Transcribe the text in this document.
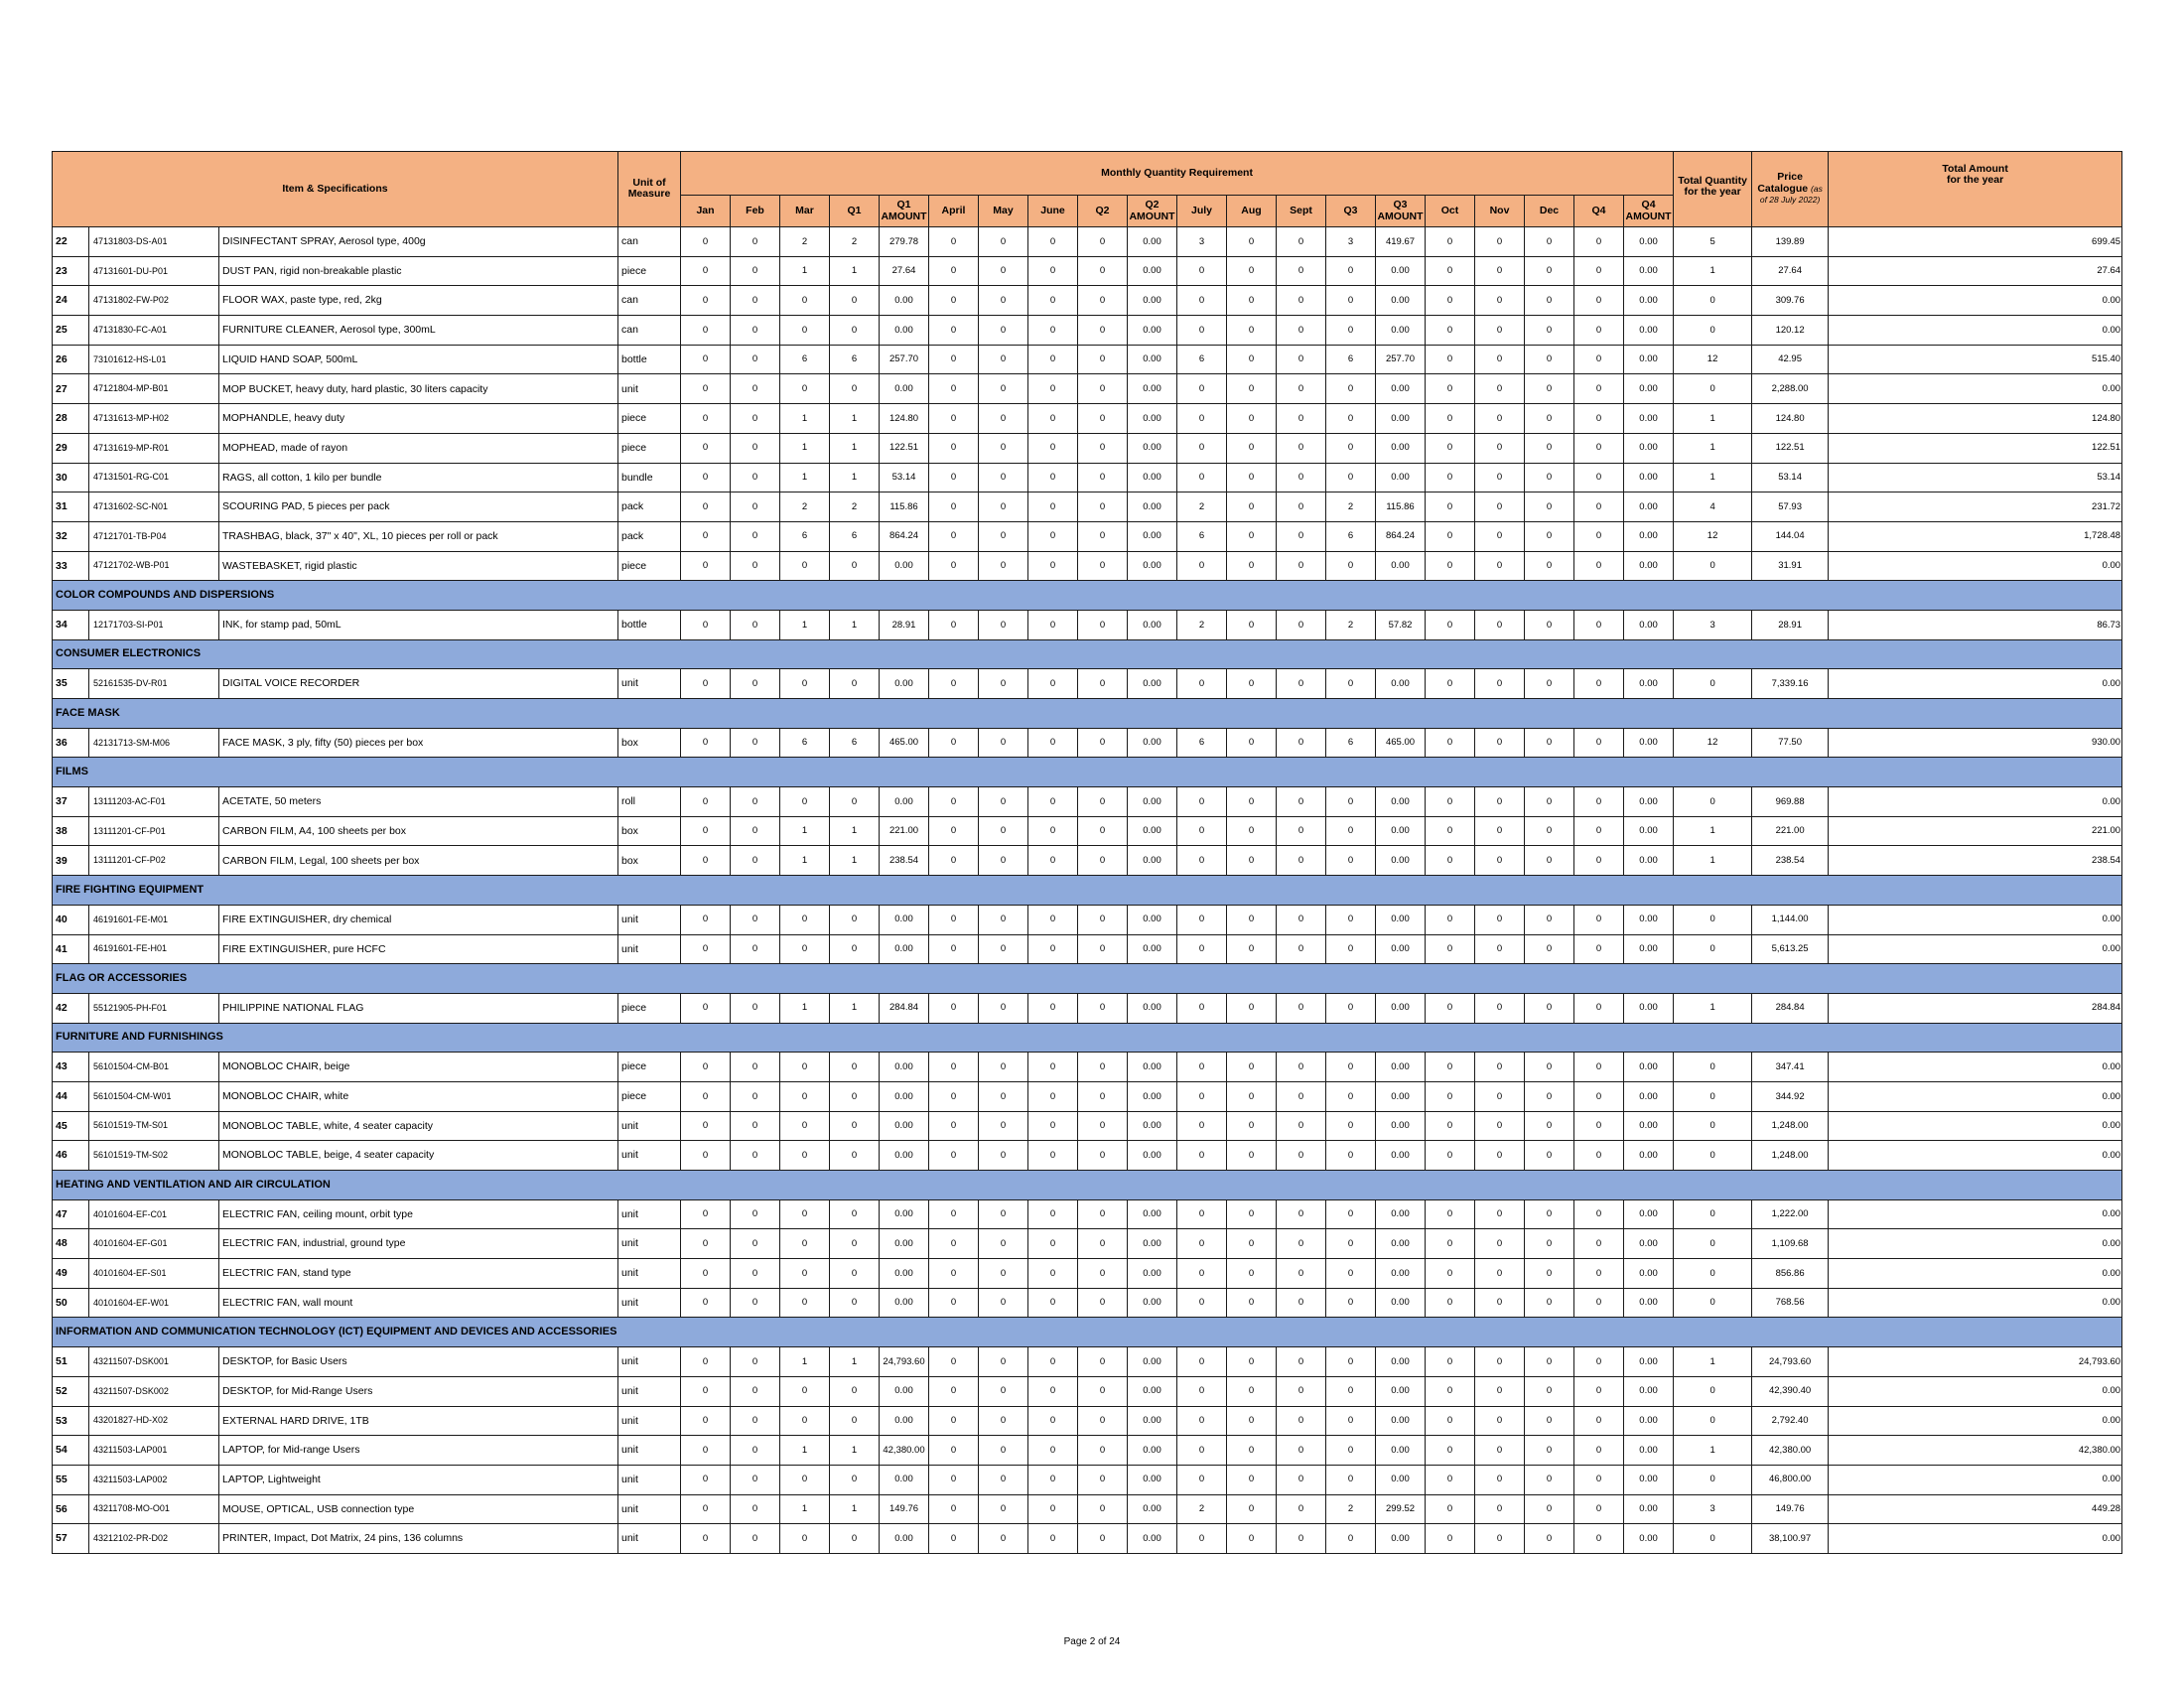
Item & Specifications			Unit of
Measure	Monthly Quantity Requirement																				Total Quantity
for the year	Price
Catalogue (as
of 28 July 2022)	Total Amount
for the year
				Jan	Feb	Mar	Q1	Q1
AMOUNT	April	May	June	Q2	Q2
AMOUNT	July	Aug	Sept	Q3	Q3
AMOUNT	Oct	Nov	Dec	Q4	Q4
AMOUNT			
22	47131803-DS-A01	DISINFECTANT SPRAY, Aerosol type, 400g	can	0	0	2	2	279.78	0	0	0	0	0.00	3	0	0	3	419.67	0	0	0	0	0.00	5	139.89	699.45
23	47131601-DU-P01	DUST PAN, rigid non-breakable plastic	piece	0	0	1	1	27.64	0	0	0	0	0.00	0	0	0	0	0.00	0	0	0	0	0.00	1	27.64	27.64
24	47131802-FW-P02	FLOOR WAX, paste type, red, 2kg	can	0	0	0	0	0.00	0	0	0	0	0.00	0	0	0	0	0.00	0	0	0	0	0.00	0	309.76	0.00
25	47131830-FC-A01	FURNITURE CLEANER, Aerosol type, 300mL	can	0	0	0	0	0.00	0	0	0	0	0.00	0	0	0	0	0.00	0	0	0	0	0.00	0	120.12	0.00
26	73101612-HS-L01	LIQUID HAND SOAP, 500mL	bottle	0	0	6	6	257.70	0	0	0	0	0.00	6	0	0	6	257.70	0	0	0	0	0.00	12	42.95	515.40
27	47121804-MP-B01	MOP BUCKET, heavy duty, hard plastic, 30 liters capacity	unit	0	0	0	0	0.00	0	0	0	0	0.00	0	0	0	0	0.00	0	0	0	0	0.00	0	2,288.00	0.00
28	47131613-MP-H02	MOPHANDLE, heavy duty	piece	0	0	1	1	124.80	0	0	0	0	0.00	0	0	0	0	0.00	0	0	0	0	0.00	1	124.80	124.80
29	47131619-MP-R01	MOPHEAD, made of rayon	piece	0	0	1	1	122.51	0	0	0	0	0.00	0	0	0	0	0.00	0	0	0	0	0.00	1	122.51	122.51
30	47131501-RG-C01	RAGS, all cotton, 1 kilo per bundle	bundle	0	0	1	1	53.14	0	0	0	0	0.00	0	0	0	0	0.00	0	0	0	0	0.00	1	53.14	53.14
31	47131602-SC-N01	SCOURING PAD, 5 pieces per pack	pack	0	0	2	2	115.86	0	0	0	0	0.00	2	0	0	2	115.86	0	0	0	0	0.00	4	57.93	231.72
32	47121701-TB-P04	TRASHBAG, black, 37" x 40", XL, 10 pieces per roll or pack	pack	0	0	6	6	864.24	0	0	0	0	0.00	6	0	0	6	864.24	0	0	0	0	0.00	12	144.04	1,728.48
33	47121702-WB-P01	WASTEBASKET, rigid plastic	piece	0	0	0	0	0.00	0	0	0	0	0.00	0	0	0	0	0.00	0	0	0	0	0.00	0	31.91	0.00
COLOR COMPOUNDS AND DISPERSIONS																										
34	12171703-SI-P01	INK, for stamp pad, 50mL	bottle	0	0	1	1	28.91	0	0	0	0	0.00	2	0	0	2	57.82	0	0	0	0	0.00	3	28.91	86.73
CONSUMER ELECTRONICS																										
35	52161535-DV-R01	DIGITAL VOICE RECORDER	unit	0	0	0	0	0.00	0	0	0	0	0.00	0	0	0	0	0.00	0	0	0	0	0.00	0	7,339.16	0.00
FACE MASK																										
36	42131713-SM-M06	FACE MASK, 3 ply, fifty (50) pieces per box	box	0	0	6	6	465.00	0	0	0	0	0.00	6	0	0	6	465.00	0	0	0	0	0.00	12	77.50	930.00
FILMS																										
37	13111203-AC-F01	ACETATE, 50 meters	roll	0	0	0	0	0.00	0	0	0	0	0.00	0	0	0	0	0.00	0	0	0	0	0.00	0	969.88	0.00
38	13111201-CF-P01	CARBON FILM, A4, 100 sheets per box	box	0	0	1	1	221.00	0	0	0	0	0.00	0	0	0	0	0.00	0	0	0	0	0.00	1	221.00	221.00
39	13111201-CF-P02	CARBON FILM, Legal, 100 sheets per box	box	0	0	1	1	238.54	0	0	0	0	0.00	0	0	0	0	0.00	0	0	0	0	0.00	1	238.54	238.54
FIRE FIGHTING EQUIPMENT																										
40	46191601-FE-M01	FIRE EXTINGUISHER, dry chemical	unit	0	0	0	0	0.00	0	0	0	0	0.00	0	0	0	0	0.00	0	0	0	0	0.00	0	1,144.00	0.00
41	46191601-FE-H01	FIRE EXTINGUISHER, pure HCFC	unit	0	0	0	0	0.00	0	0	0	0	0.00	0	0	0	0	0.00	0	0	0	0	0.00	0	5,613.25	0.00
FLAG OR ACCESSORIES																										
42	55121905-PH-F01	PHILIPPINE NATIONAL FLAG	piece	0	0	1	1	284.84	0	0	0	0	0.00	0	0	0	0	0.00	0	0	0	0	0.00	1	284.84	284.84
FURNITURE AND FURNISHINGS																										
43	56101504-CM-B01	MONOBLOC CHAIR, beige	piece	0	0	0	0	0.00	0	0	0	0	0.00	0	0	0	0	0.00	0	0	0	0	0.00	0	347.41	0.00
44	56101504-CM-W01	MONOBLOC CHAIR, white	piece	0	0	0	0	0.00	0	0	0	0	0.00	0	0	0	0	0.00	0	0	0	0	0.00	0	344.92	0.00
45	56101519-TM-S01	MONOBLOC TABLE, white, 4 seater capacity	unit	0	0	0	0	0.00	0	0	0	0	0.00	0	0	0	0	0.00	0	0	0	0	0.00	0	1,248.00	0.00
46	56101519-TM-S02	MONOBLOC TABLE, beige, 4 seater capacity	unit	0	0	0	0	0.00	0	0	0	0	0.00	0	0	0	0	0.00	0	0	0	0	0.00	0	1,248.00	0.00
HEATING AND VENTILATION AND AIR CIRCULATION																										
47	40101604-EF-C01	ELECTRIC FAN, ceiling mount, orbit type	unit	0	0	0	0	0.00	0	0	0	0	0.00	0	0	0	0	0.00	0	0	0	0	0.00	0	1,222.00	0.00
48	40101604-EF-G01	ELECTRIC FAN, industrial, ground type	unit	0	0	0	0	0.00	0	0	0	0	0.00	0	0	0	0	0.00	0	0	0	0	0.00	0	1,109.68	0.00
49	40101604-EF-S01	ELECTRIC FAN, stand type	unit	0	0	0	0	0.00	0	0	0	0	0.00	0	0	0	0	0.00	0	0	0	0	0.00	0	856.86	0.00
50	40101604-EF-W01	ELECTRIC FAN, wall mount	unit	0	0	0	0	0.00	0	0	0	0	0.00	0	0	0	0	0.00	0	0	0	0	0.00	0	768.56	0.00
INFORMATION AND COMMUNICATION TECHNOLOGY (ICT) EQUIPMENT AND DEVICES AND ACCESSORIES																										
51	43211507-DSK001	DESKTOP, for Basic Users	unit	0	0	1	1	24,793.60	0	0	0	0	0.00	0	0	0	0	0.00	0	0	0	0	0.00	1	24,793.60	24,793.60
52	43211507-DSK002	DESKTOP, for Mid-Range Users	unit	0	0	0	0	0.00	0	0	0	0	0.00	0	0	0	0	0.00	0	0	0	0	0.00	0	42,390.40	0.00
53	43201827-HD-X02	EXTERNAL HARD DRIVE, 1TB	unit	0	0	0	0	0.00	0	0	0	0	0.00	0	0	0	0	0.00	0	0	0	0	0.00	0	2,792.40	0.00
54	43211503-LAP001	LAPTOP, for Mid-range Users	unit	0	0	1	1	42,380.00	0	0	0	0	0.00	0	0	0	0	0.00	0	0	0	0	0.00	1	42,380.00	42,380.00
55	43211503-LAP002	LAPTOP, Lightweight	unit	0	0	0	0	0.00	0	0	0	0	0.00	0	0	0	0	0.00	0	0	0	0	0.00	0	46,800.00	0.00
56	43211708-MO-O01	MOUSE, OPTICAL, USB connection type	unit	0	0	1	1	149.76	0	0	0	0	0.00	2	0	0	2	299.52	0	0	0	0	0.00	3	149.76	449.28
57	43212102-PR-D02	PRINTER, Impact, Dot Matrix, 24 pins, 136 columns	unit	0	0	0	0	0.00	0	0	0	0	0.00	0	0	0	0	0.00	0	0	0	0	0.00	0	38,100.97	0.00
Page 2 of 24
